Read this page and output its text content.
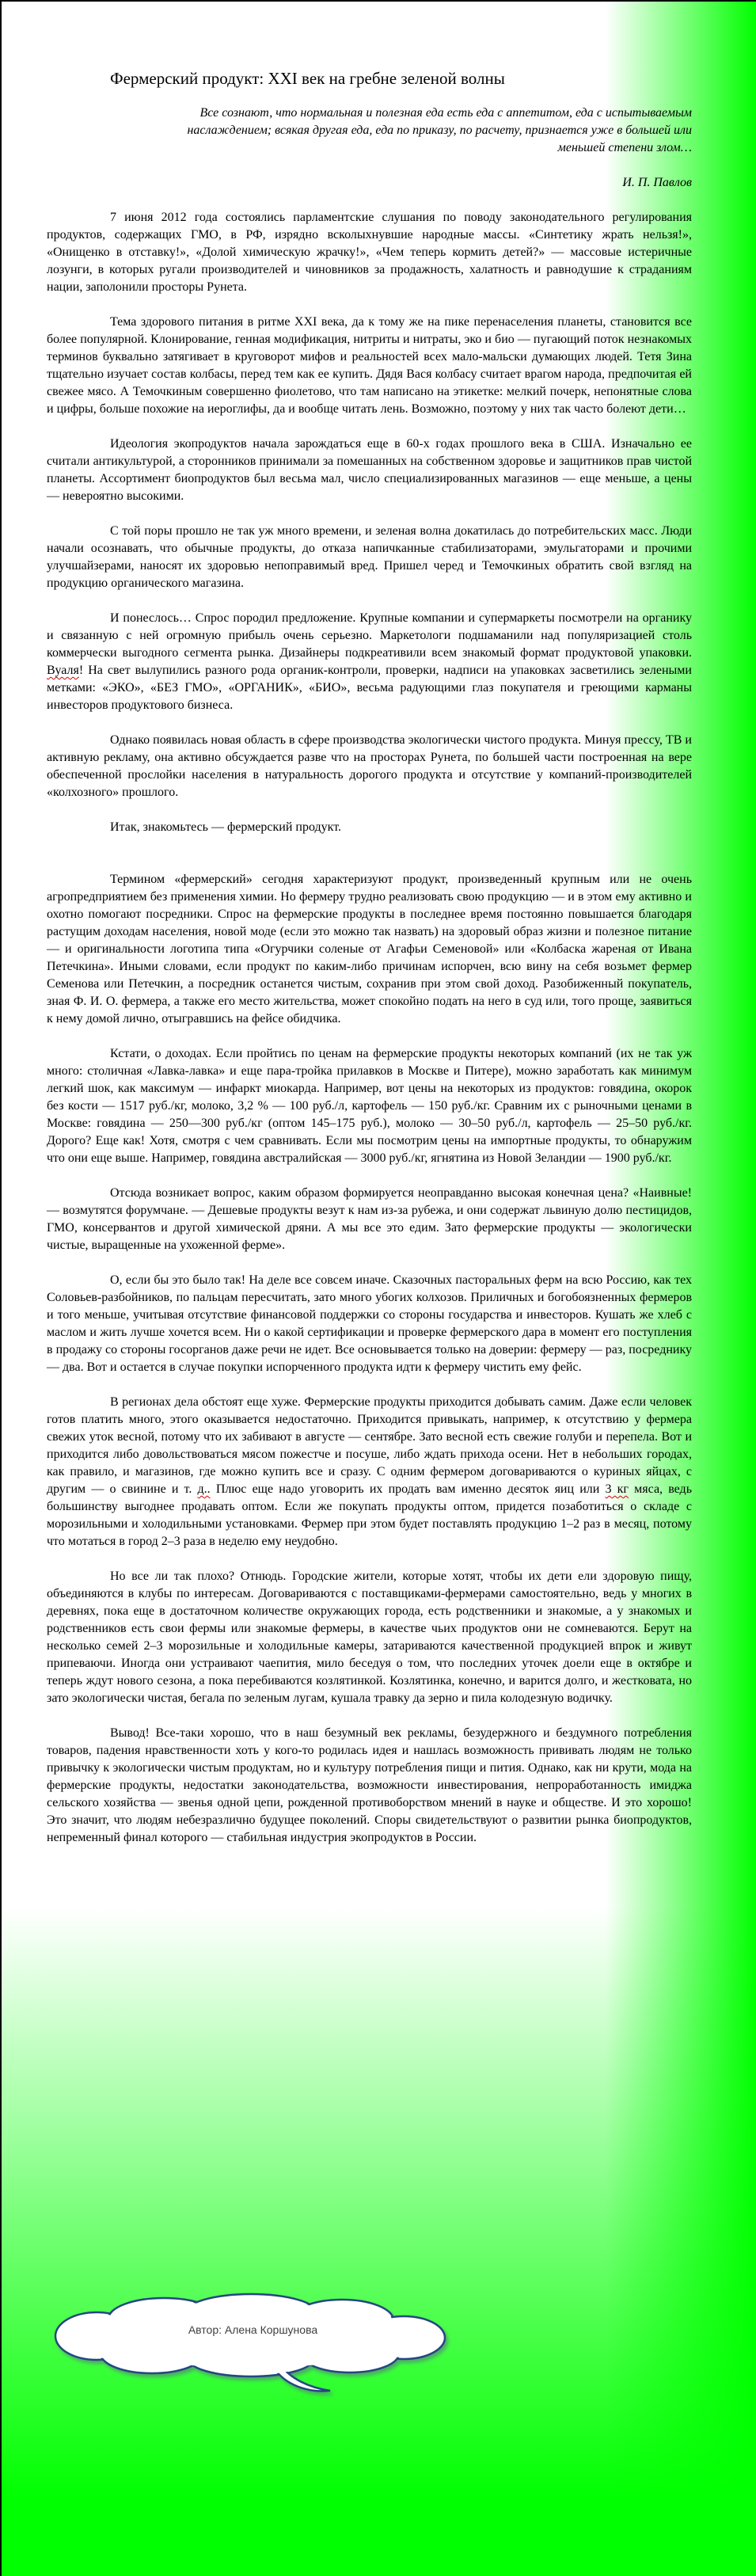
Фермерский продукт: XXI век на гребне зеленой волны
Все сознают, что нормальная и полезная еда есть еда с аппетитом, еда с испытываемым наслаждением; всякая другая еда, еда по приказу, по расчету, признается уже в большей или меньшей степени злом…
И. П. Павлов

7 июня 2012 года состоялись парламентские слушания по поводу законодательного регулирования продуктов, содержащих ГМО, в РФ, изрядно всколыхнувшие народные массы. «Синтетику жрать нельзя!», «Онищенко в отставку!», «Долой химическую жрачку!», «Чем теперь кормить детей?» — массовые истеричные лозунги, в которых ругали производителей и чиновников за продажность, халатность и равнодушие к страданиям нации, заполонили просторы Рунета.

Тема здорового питания в ритме XXI века, да к тому же на пике перенаселения планеты, становится все более популярной. Клонирование, генная модификация, нитриты и нитраты, эко и био — пугающий поток незнакомых терминов буквально затягивает в круговорот мифов и реальностей всех мало-мальски думающих людей. Тетя Зина тщательно изучает состав колбасы, перед тем как ее купить. Дядя Вася колбасу считает врагом народа, предпочитая ей свежее мясо. А Темочкиным совершенно фиолетово, что там написано на этикетке: мелкий почерк, непонятные слова и цифры, больше похожие на иероглифы, да и вообще читать лень. Возможно, поэтому у них так часто болеют дети…

Идеология экопродуктов начала зарождаться еще в 60-х годах прошлого века в США. Изначально ее считали антикультурой, а сторонников принимали за помешанных на собственном здоровье и защитников прав чистой планеты. Ассортимент биопродуктов был весьма мал, число специализированных магазинов — еще меньше, а цены — невероятно высокими.

С той поры прошло не так уж много времени, и зеленая волна докатилась до потребительских масс. Люди начали осознавать, что обычные продукты, до отказа напичканные стабилизаторами, эмульгаторами и прочими улучшайзерами, наносят их здоровью непоправимый вред. Пришел черед и Темочкиных обратить свой взгляд на продукцию органического магазина.

И понеслось… Спрос породил предложение. Крупные компании и супермаркеты посмотрели на органику и связанную с ней огромную прибыль очень серьезно. Маркетологи подшаманили над популяризацией столь коммерчески выгодного сегмента рынка. Дизайнеры подкреативили всем знакомый формат продуктовой упаковки. Вуаля! На свет вылупились разного рода органик-контроли, проверки, надписи на упаковках засветились зелеными метками: «ЭКО», «БЕЗ ГМО», «ОРГАНИК», «БИО», весьма радующими глаз покупателя и греющими карманы инвесторов продуктового бизнеса.

Однако появилась новая область в сфере производства экологически чистого продукта. Минуя прессу, ТВ и активную рекламу, она активно обсуждается разве что на просторах Рунета, по большей части построенная на вере обеспеченной прослойки населения в натуральность дорогого продукта и отсутствие у компаний-производителей «колхозного» прошлого.

Итак, знакомьтесь — фермерский продукт.

Термином «фермерский» сегодня характеризуют продукт, произведенный крупным или не очень агропредприятием без применения химии. Но фермеру трудно реализовать свою продукцию — и в этом ему активно и охотно помогают посредники. Спрос на фермерские продукты в последнее время постоянно повышается благодаря растущим доходам населения, новой моде (если это можно так назвать) на здоровый образ жизни и полезное питание — и оригинальности логотипа типа «Огурчики соленые от Агафьи Семеновой» или «Колбаска жареная от Ивана Петечкина». Иными словами, если продукт по каким-либо причинам испорчен, всю вину на себя возьмет фермер Семенова или Петечкин, а посредник останется чистым, сохранив при этом свой доход. Разобиженный покупатель, зная Ф. И. О. фермера, а также его место жительства, может спокойно подать на него в суд или, того проще, заявиться к нему домой лично, отыгравшись на фейсе обидчика.

Кстати, о доходах. Если пройтись по ценам на фермерские продукты некоторых компаний (их не так уж много: столичная «Лавка-лавка» и еще пара-тройка прилавков в Москве и Питере), можно заработать как минимум легкий шок, как максимум — инфаркт миокарда. Например, вот цены на некоторых из продуктов: говядина, окорок без кости — 1517 руб./кг, молоко, 3,2 % — 100 руб./л, картофель — 150 руб./кг. Сравним их с рыночными ценами в Москве: говядина — 250—300 руб./кг (оптом 145–175 руб.), молоко — 30–50 руб./л, картофель — 25–50 руб./кг. Дорого? Еще как! Хотя, смотря с чем сравнивать. Если мы посмотрим цены на импортные продукты, то обнаружим что они еще выше. Например, говядина австралийская — 3000 руб./кг, ягнятина из Новой Зеландии — 1900 руб./кг.

Отсюда возникает вопрос, каким образом формируется неоправданно высокая конечная цена? «Наивные! — возмутятся форумчане. — Дешевые продукты везут к нам из-за рубежа, и они содержат львиную долю пестицидов, ГМО, консервантов и другой химической дряни. А мы все это едим. Зато фермерские продукты — экологически чистые, выращенные на ухоженной ферме».

О, если бы это было так! На деле все совсем иначе. Сказочных пасторальных ферм на всю Россию, как тех Соловьев-разбойников, по пальцам пересчитать, зато много убогих колхозов. Приличных и богобоязненных фермеров и того меньше, учитывая отсутствие финансовой поддержки со стороны государства и инвесторов. Кушать же хлеб с маслом и жить лучше хочется всем. Ни о какой сертификации и проверке фермерского дара в момент его поступления в продажу со стороны госорганов даже речи не идет. Все основывается только на доверии: фермеру — раз, посреднику — два. Вот и остается в случае покупки испорченного продукта идти к фермеру чистить ему фейс.

В регионах дела обстоят еще хуже. Фермерские продукты приходится добывать самим. Даже если человек готов платить много, этого оказывается недостаточно. Приходится привыкать, например, к отсутствию у фермера свежих уток весной, потому что их забивают в августе — сентябре. Зато весной есть свежие голуби и перепела. Вот и приходится либо довольствоваться мясом пожестче и посуше, либо ждать прихода осени. Нет в небольших городах, как правило, и магазинов, где можно купить все и сразу. С одним фермером договариваются о куриных яйцах, с другим — о свинине и т. д.. Плюс еще надо уговорить их продать вам именно десяток яиц или 3 кг мяса, ведь большинству выгоднее продавать оптом. Если же покупать продукты оптом, придется позаботиться о складе с морозильными и холодильными установками. Фермер при этом будет поставлять продукцию 1–2 раз в месяц, потому что мотаться в город 2–3 раза в неделю ему неудобно.

Но все ли так плохо? Отнюдь. Городские жители, которые хотят, чтобы их дети ели здоровую пищу, объединяются в клубы по интересам. Договариваются с поставщиками-фермерами самостоятельно, ведь у многих в деревнях, пока еще в достаточном количестве окружающих города, есть родственники и знакомые, а у знакомых и родственников есть свои фермы или знакомые фермеры, в качестве чьих продуктов они не сомневаются. Берут на несколько семей 2–3 морозильные и холодильные камеры, затариваются качественной продукцией впрок и живут припеваючи. Иногда они устраивают чаепития, мило беседуя о том, что последних уточек доели еще в октябре и теперь ждут нового сезона, а пока перебиваются козлятинкой. Козлятинка, конечно, и варится долго, и жестковата, но зато экологически чистая, бегала по зеленым лугам, кушала травку да зерно и пила колодезную водичку.

Вывод! Все-таки хорошо, что в наш безумный век рекламы, безудержного и бездумного потребления товаров, падения нравственности хоть у кого-то родилась идея и нашлась возможность прививать людям не только привычку к экологически чистым продуктам, но и культуру потребления пищи и пития. Однако, как ни крути, мода на фермерские продукты, недостатки законодательства, возможности инвестирования, непроработанность имиджа сельского хозяйства — звенья одной цепи, рожденной противоборством мнений в науке и обществе. И это хорошо! Это значит, что людям небезразлично будущее поколений. Споры свидетельствуют о развитии рынка биопродуктов, непременный финал которого — стабильная индустрия экопродуктов в России.

Автор: Алена Коршунова
